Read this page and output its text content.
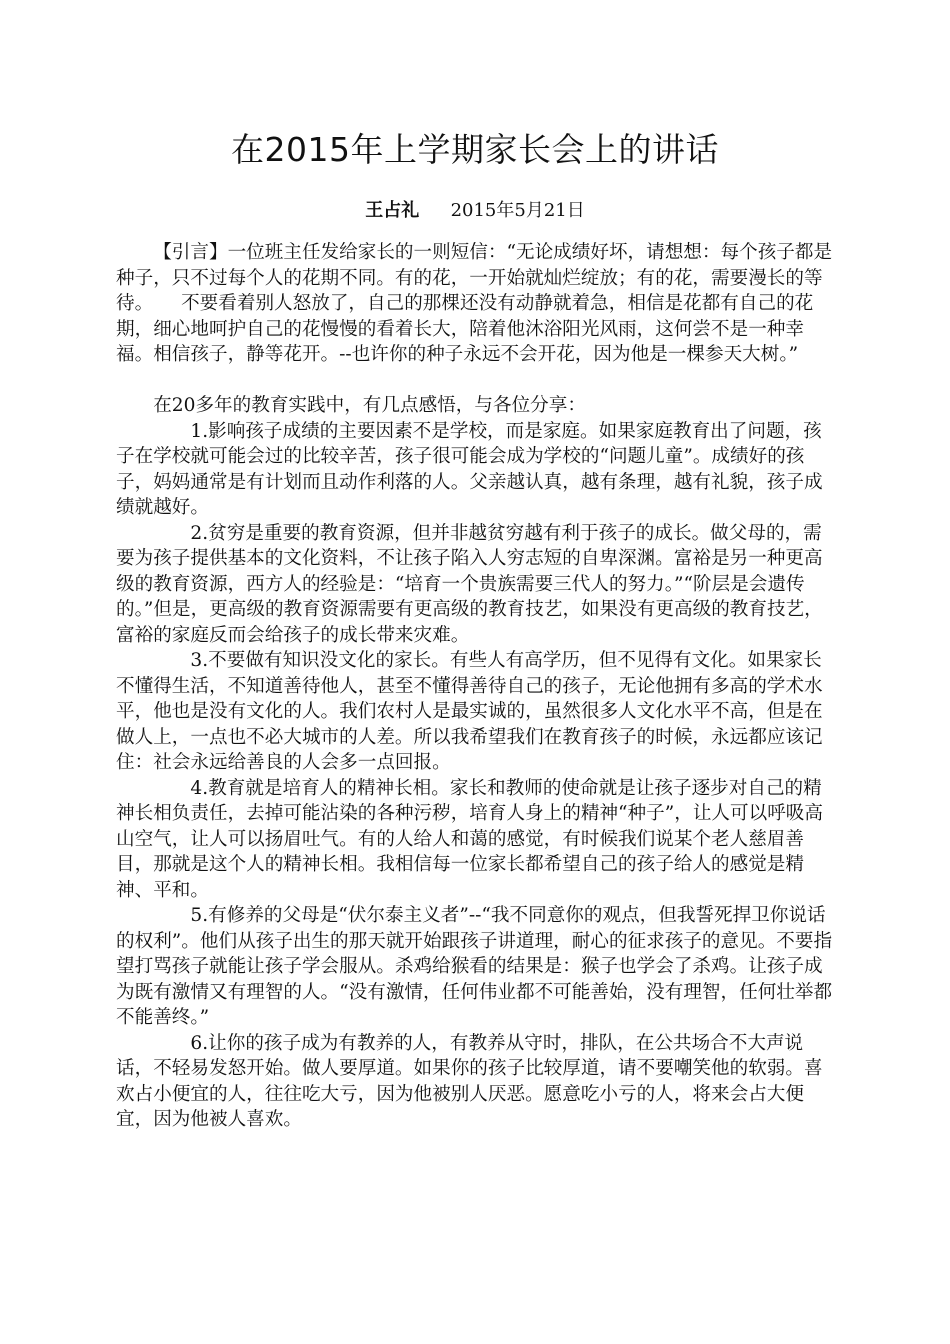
在2015年上学期家长会上的讲话
王占礼 2015年5月21日

【引言】一位班主任发给家长的一则短信：“无论成绩好坏，请想想：每个孩子都是种子，只不过每个人的花期不同。有的花，一开始就灿烂绽放；有的花，需要漫长的等待。　　不要看着别人怒放了，自己的那棵还没有动静就着急，相信是花都有自己的花期，细心地呵护自己的花慢慢的看着长大，陪着他沐浴阳光风雨，这何尝不是一种幸福。相信孩子，静等花开。--也许你的种子永远不会开花，因为他是一棵参天大树。”

在20多年的教育实践中，有几点感悟，与各位分享：

1.影响孩子成绩的主要因素不是学校，而是家庭。如果家庭教育出了问题，孩子在学校就可能会过的比较辛苦，孩子很可能会成为学校的“问题儿童”。成绩好的孩子，妈妈通常是有计划而且动作利落的人。父亲越认真，越有条理，越有礼貌，孩子成绩就越好。

2.贫穷是重要的教育资源，但并非越贫穷越有利于孩子的成长。做父母的，需要为孩子提供基本的文化资料，不让孩子陷入人穷志短的自卑深渊。富裕是另一种更高级的教育资源，西方人的经验是：“培育一个贵族需要三代人的努力。”“阶层是会遗传的。”但是，更高级的教育资源需要有更高级的教育技艺，如果没有更高级的教育技艺，富裕的家庭反而会给孩子的成长带来灾难。

3.不要做有知识没文化的家长。有些人有高学历，但不见得有文化。如果家长不懂得生活，不知道善待他人，甚至不懂得善待自己的孩子，无论他拥有多高的学术水平，他也是没有文化的人。我们农村人是最实诚的，虽然很多人文化水平不高，但是在做人上，一点也不必大城市的人差。所以我希望我们在教育孩子的时候，永远都应该记住：社会永远给善良的人会多一点回报。

4.教育就是培育人的精神长相。家长和教师的使命就是让孩子逐步对自己的精神长相负责任，去掉可能沾染的各种污秽，培育人身上的精神“种子”，让人可以呼吸高山空气，让人可以扬眉吐气。有的人给人和蔼的感觉，有时候我们说某个老人慈眉善目，那就是这个人的精神长相。我相信每一位家长都希望自己的孩子给人的感觉是精神、平和。

5.有修养的父母是“伏尔泰主义者”--“我不同意你的观点，但我誓死捍卫你说话的权利”。他们从孩子出生的那天就开始跟孩子讲道理，耐心的征求孩子的意见。不要指望打骂孩子就能让孩子学会服从。杀鸡给猴看的结果是：猴子也学会了杀鸡。让孩子成为既有激情又有理智的人。“没有激情，任何伟业都不可能善始，没有理智，任何壮举都不能善终。”

6.让你的孩子成为有教养的人，有教养从守时，排队，在公共场合不大声说话，不轻易发怒开始。做人要厚道。如果你的孩子比较厚道，请不要嘲笑他的软弱。喜欢占小便宜的人，往往吃大亏，因为他被别人厌恶。愿意吃小亏的人，将来会占大便宜，因为他被人喜欢。
